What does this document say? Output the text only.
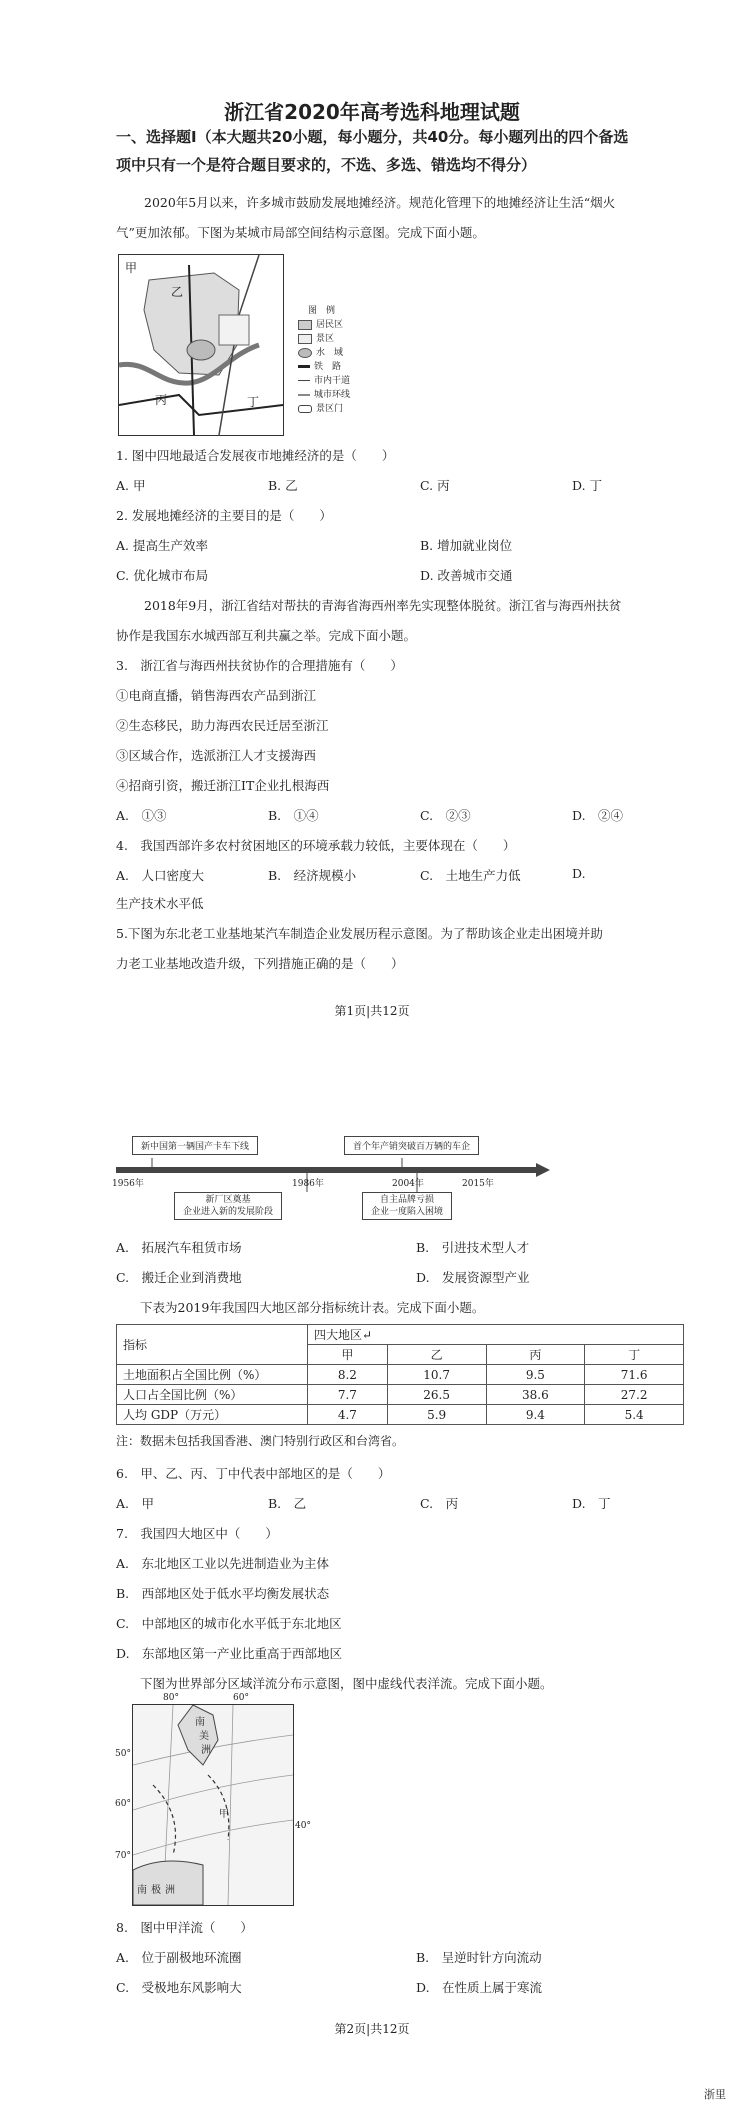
浙江省2020年高考选科地理试题
一、选择题Ⅰ（本大题共20小题，每小题分，共40分。每小题列出的四个备选
项中只有一个是符合题目要求的，不选、多选、错选均不得分）
2020年5月以来，许多城市鼓励发展地摊经济。规范化管理下的地摊经济让生活“烟火
气”更加浓郁。下图为某城市局部空间结构示意图。完成下面小题。
甲
乙
丙	丁
图　例
居民区
景区
水　域
铁　路
市内干道
城市环线
景区门
1. 图中四地最适合发展夜市地摊经济的是（　　）
A. 甲	B. 乙	C. 丙	D. 丁
2. 发展地摊经济的主要目的是（　　）
A. 提高生产效率	B. 增加就业岗位
C. 优化城市布局	D. 改善城市交通
2018年9月，浙江省结对帮扶的青海省海西州率先实现整体脱贫。浙江省与海西州扶贫
协作是我国东水城西部互利共赢之举。完成下面小题。
3.　浙江省与海西州扶贫协作的合理措施有（　　）
①电商直播，销售海西农产品到浙江
②生态移民，助力海西农民迁居至浙江
③区域合作，选派浙江人才支援海西
④招商引资，搬迁浙江IT企业扎根海西
A.　①③	B.　①④	C.　②③	D.　②④
4.　我国西部许多农村贫困地区的环境承载力较低，主要体现在（　　）
A.　人口密度大	B.　经济规模小	C.　土地生产力低	D.
生产技术水平低
5.下图为东北老工业基地某汽车制造企业发展历程示意图。为了帮助该企业走出困境并助
力老工业基地改造升级，下列措施正确的是（　　）
第1页|共12页
新中国第一辆国产卡车下线	首个年产销突破百万辆的车企
1956年	1986年	2004年	2015年
新厂区奠基
企业进入新的发展阶段
自主品牌亏损
企业一度陷入困境
A.　拓展汽车租赁市场	B.　引进技术型人才
C.　搬迁企业到消费地	D.　发展资源型产业
下表为2019年我国四大地区部分指标统计表。完成下面小题。
指标	四大地区↵			
	甲	乙	丙	丁
土地面积占全国比例（%）	8.2	10.7	9.5	71.6
人口占全国比例（%）	7.7	26.5	38.6	27.2
人均 GDP（万元）	4.7	5.9	9.4	5.4
注：数据未包括我国香港、澳门特别行政区和台湾省。
6.　甲、乙、丙、丁中代表中部地区的是（　　）
A.　甲	B.　乙	C.　丙	D.　丁
7.　我国四大地区中（　　）
A.　东北地区工业以先进制造业为主体
B.　西部地区处于低水平均衡发展状态
C.　中部地区的城市化水平低于东北地区
D.　东部地区第一产业比重高于西部地区
下图为世界部分区域洋流分布示意图，图中虚线代表洋流。完成下面小题。
80°	60°
50°
60°
70°
40°
南
美
洲
甲
南 极 洲
8.　图中甲洋流（　　）
A.　位于副极地环流圈	B.　呈逆时针方向流动
C.　受极地东风影响大	D.　在性质上属于寒流
第2页|共12页
浙里
